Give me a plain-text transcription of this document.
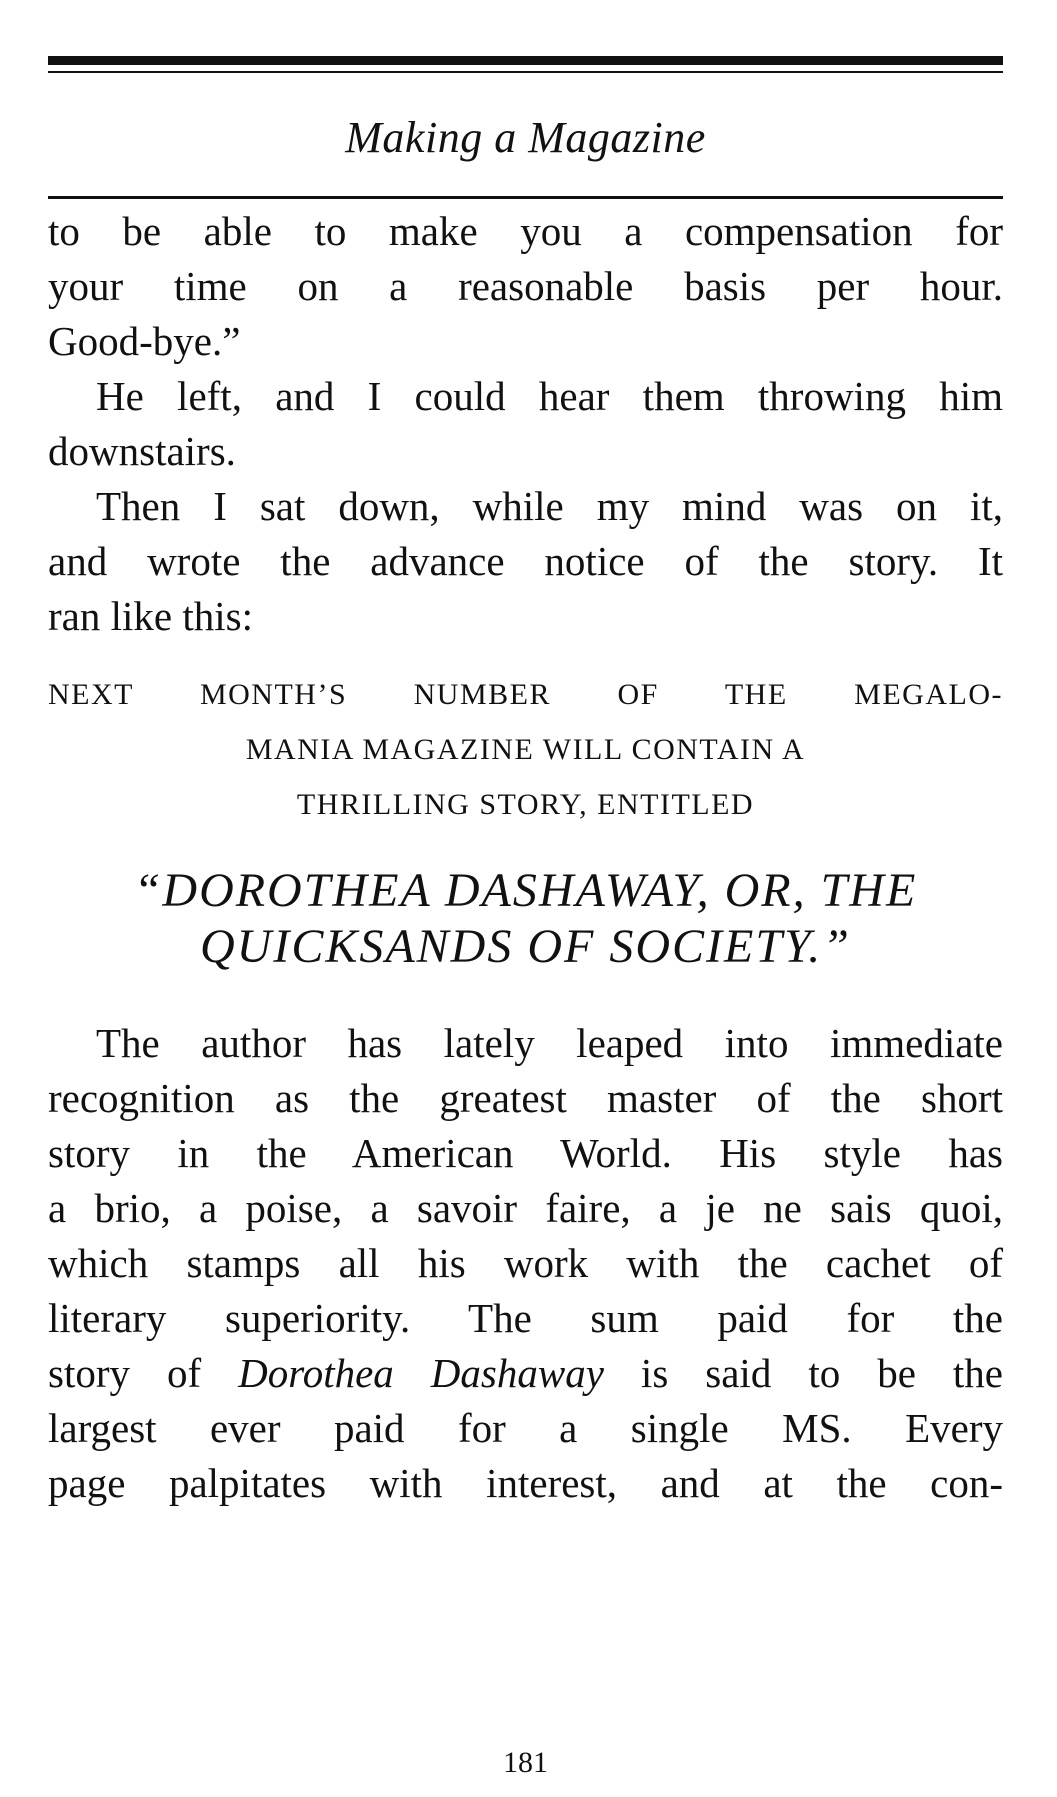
Making a Magazine

to be able to make you a compensation for

your time on a reasonable basis per hour.

Good-bye.”

He left, and I could hear them throwing him

downstairs.

Then I sat down, while my mind was on it,

and wrote the advance notice of the story. It

ran like this:

NEXT MONTH’S NUMBER OF THE MEGALO-

MANIA MAGAZINE WILL CONTAIN A

THRILLING STORY, ENTITLED

“DOROTHEA DASHAWAY, OR, THE

QUICKSANDS OF SOCIETY.”

The author has lately leaped into immediate

recognition as the greatest master of the short

story in the American World. His style has

a brio, a poise, a savoir faire, a je ne sais quoi,

which stamps all his work with the cachet of

literary superiority. The sum paid for the

story of Dorothea Dashaway is said to be the

largest ever paid for a single MS. Every

page palpitates with interest, and at the con-

181
